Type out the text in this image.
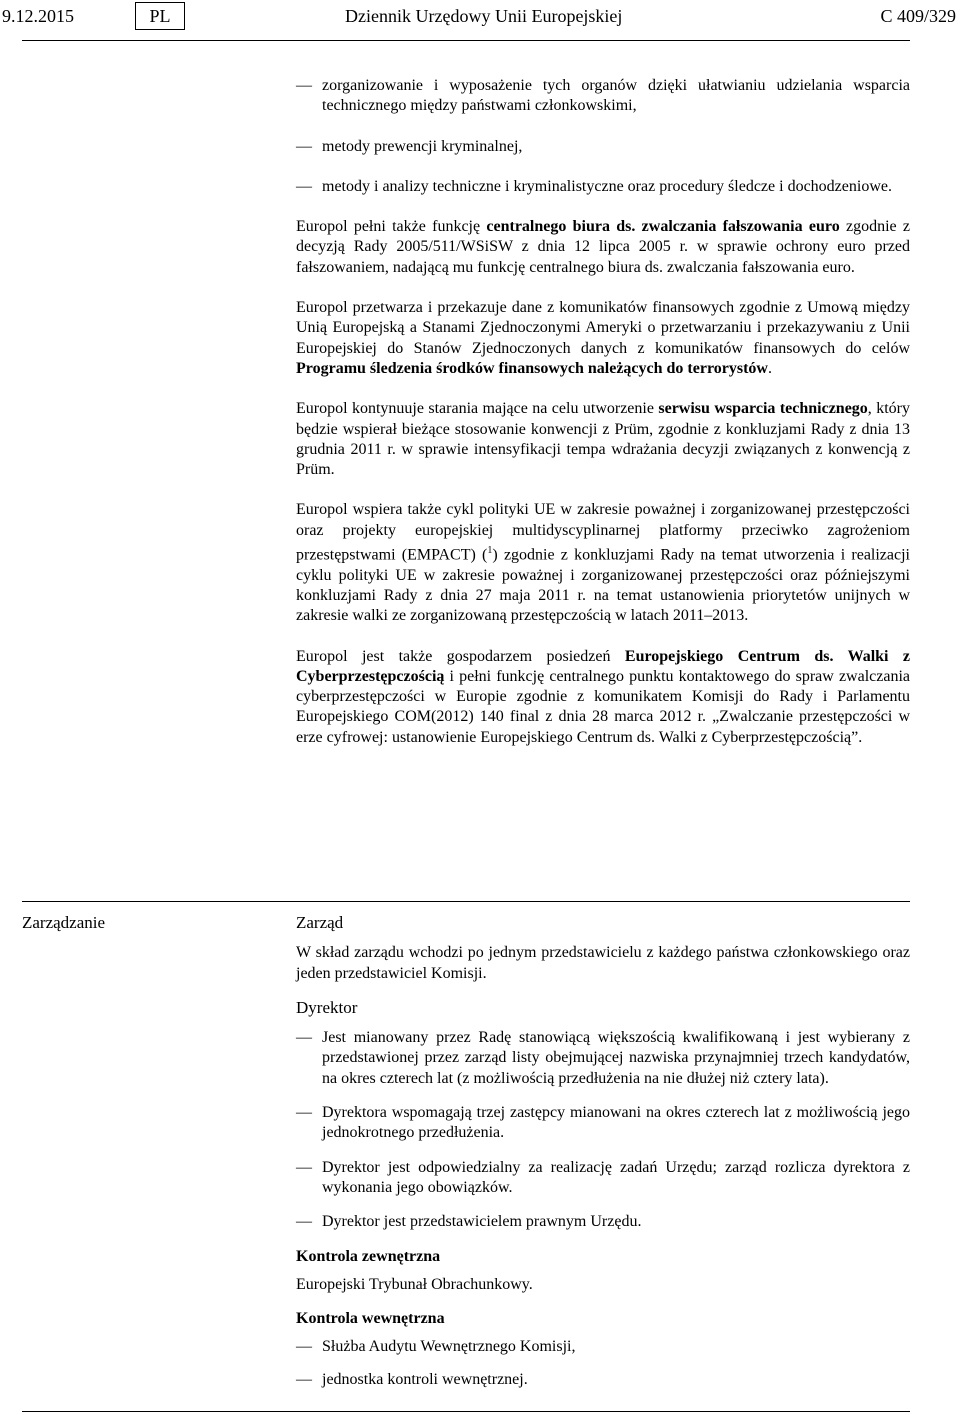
9.12.2015	PL	Dziennik Urzędowy Unii Europejskiej	C 409/329
— zorganizowanie i wyposażenie tych organów dzięki ułatwianiu udzielania wsparcia technicznego między państwami członkowskimi,
— metody prewencji kryminalnej,
— metody i analizy techniczne i kryminalistyczne oraz procedury śledcze i dochodzeniowe.

Europol pełni także funkcję centralnego biura ds. zwalczania fałszowania euro zgodnie z decyzją Rady 2005/511/WSiSW z dnia 12 lipca 2005 r. w sprawie ochrony euro przed fałszowaniem, nadającą mu funkcję centralnego biura ds. zwalczania fałszowania euro.

Europol przetwarza i przekazuje dane z komunikatów finansowych zgodnie z Umową między Unią Europejską a Stanami Zjednoczonymi Ameryki o przetwarzaniu i przekazywaniu z Unii Europejskiej do Stanów Zjednoczonych danych z komunikatów finansowych do celów Programu śledzenia środków finansowych należących do terrorystów.

Europol kontynuuje starania mające na celu utworzenie serwisu wsparcia technicznego, który będzie wspierał bieżące stosowanie konwencji z Prüm, zgodnie z konkluzjami Rady z dnia 13 grudnia 2011 r. w sprawie intensyfikacji tempa wdrażania decyzji związanych z konwencją z Prüm.

Europol wspiera także cykl polityki UE w zakresie poważnej i zorganizowanej przestępczości oraz projekty europejskiej multidyscyplinarnej platformy przeciwko zagrożeniom przestępstwami (EMPACT) ($^1$) zgodnie z konkluzjami Rady na temat utworzenia i realizacji cyklu polityki UE w zakresie poważnej i zorganizowanej przestępczości oraz późniejszymi konkluzjami Rady z dnia 27 maja 2011 r. na temat ustanowienia priorytetów unijnych w zakresie walki ze zorganizowaną przestępczością w latach 2011–2013.

Europol jest także gospodarzem posiedzeń Europejskiego Centrum ds. Walki z Cyberprzestępczością i pełni funkcję centralnego punktu kontaktowego do spraw zwalczania cyberprzestępczości w Europie zgodnie z komunikatem Komisji do Rady i Parlamentu Europejskiego COM(2012) 140 final z dnia 28 marca 2012 r. „Zwalczanie przestępczości w erze cyfrowej: ustanowienie Europejskiego Centrum ds. Walki z Cyberprzestępczością”.

Zarządzanie	Zarząd

W skład zarządu wchodzi po jednym przedstawicielu z każdego państwa członkowskiego oraz jeden przedstawiciel Komisji.

Dyrektor
— Jest mianowany przez Radę stanowiącą większością kwalifikowaną i jest wybierany z przedstawionej przez zarząd listy obejmującej nazwiska przynajmniej trzech kandydatów, na okres czterech lat (z możliwością przedłużenia na nie dłużej niż cztery lata).
— Dyrektora wspomagają trzej zastępcy mianowani na okres czterech lat z możliwością jego jednokrotnego przedłużenia.
— Dyrektor jest odpowiedzialny za realizację zadań Urzędu; zarząd rozlicza dyrektora z wykonania jego obowiązków.
— Dyrektor jest przedstawicielem prawnym Urzędu.
Kontrola zewnętrzna

Europejski Trybunał Obrachunkowy.

Kontrola wewnętrzna
— Służba Audytu Wewnętrznego Komisji,
— jednostka kontroli wewnętrznej.
